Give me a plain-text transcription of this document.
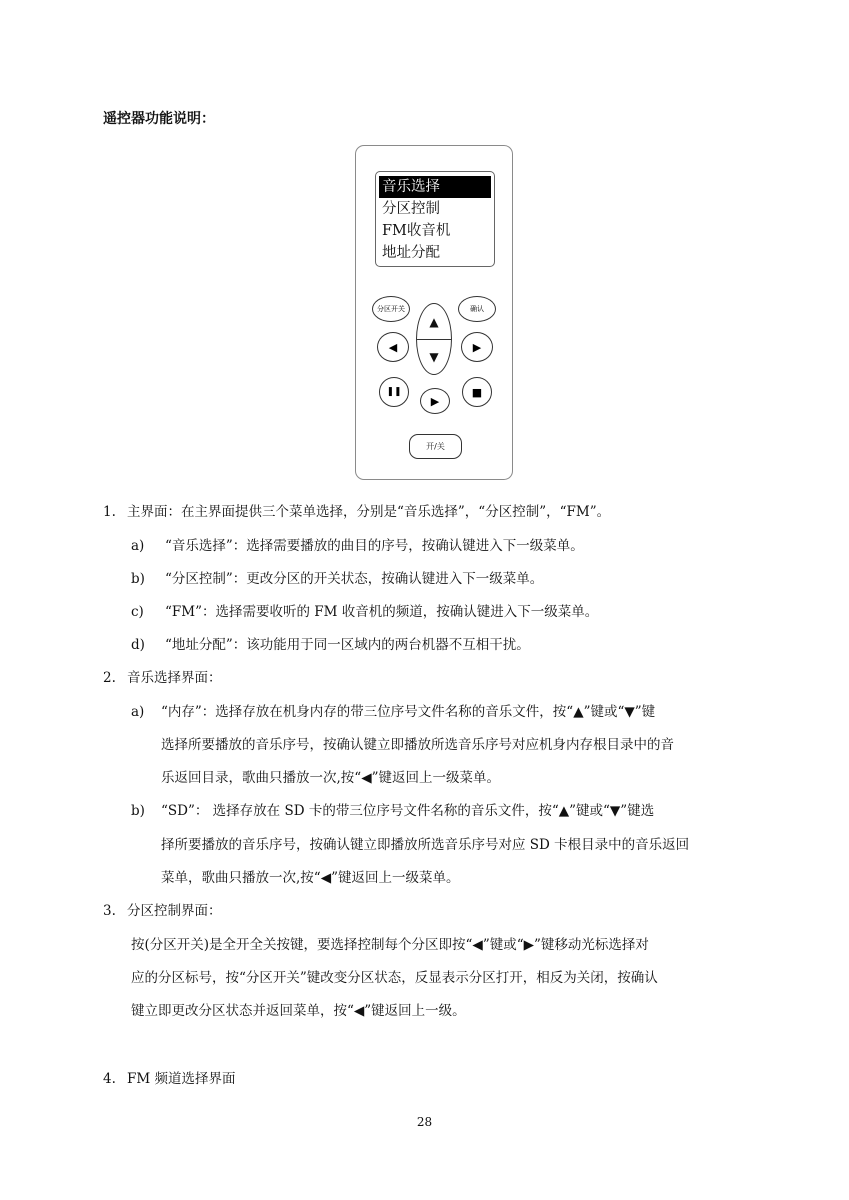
遥控器功能说明：
音乐选择
分区控制
FM收音机
地址分配
分区开关	确认
▲
▼
◀	▶
❚❚
▶
■
开/关
1. 主界面：在主界面提供三个菜单选择，分别是“音乐选择”，“分区控制”，“FM”。
a) “音乐选择”：选择需要播放的曲目的序号，按确认键进入下一级菜单。
b) “分区控制”：更改分区的开关状态，按确认键进入下一级菜单。
c) “FM”：选择需要收听的 FM 收音机的频道，按确认键进入下一级菜单。
d) “地址分配”：该功能用于同一区域内的两台机器不互相干扰。
2. 音乐选择界面：
a) “内存”：选择存放在机身内存的带三位序号文件名称的音乐文件，按“▲”键或“▼”键
选择所要播放的音乐序号，按确认键立即播放所选音乐序号对应机身内存根目录中的音
乐返回目录，歌曲只播放一次,按“◀”键返回上一级菜单。
b) “SD”： 选择存放在 SD 卡的带三位序号文件名称的音乐文件，按“▲”键或“▼”键选
择所要播放的音乐序号，按确认键立即播放所选音乐序号对应 SD 卡根目录中的音乐返回
菜单，歌曲只播放一次,按“◀”键返回上一级菜单。
3. 分区控制界面：
按(分区开关)是全开全关按键，要选择控制每个分区即按“◀”键或“▶”键移动光标选择对
应的分区标号，按“分区开关”键改变分区状态，反显表示分区打开，相反为关闭，按确认
键立即更改分区状态并返回菜单，按“◀”键返回上一级。
4. FM 频道选择界面
28
